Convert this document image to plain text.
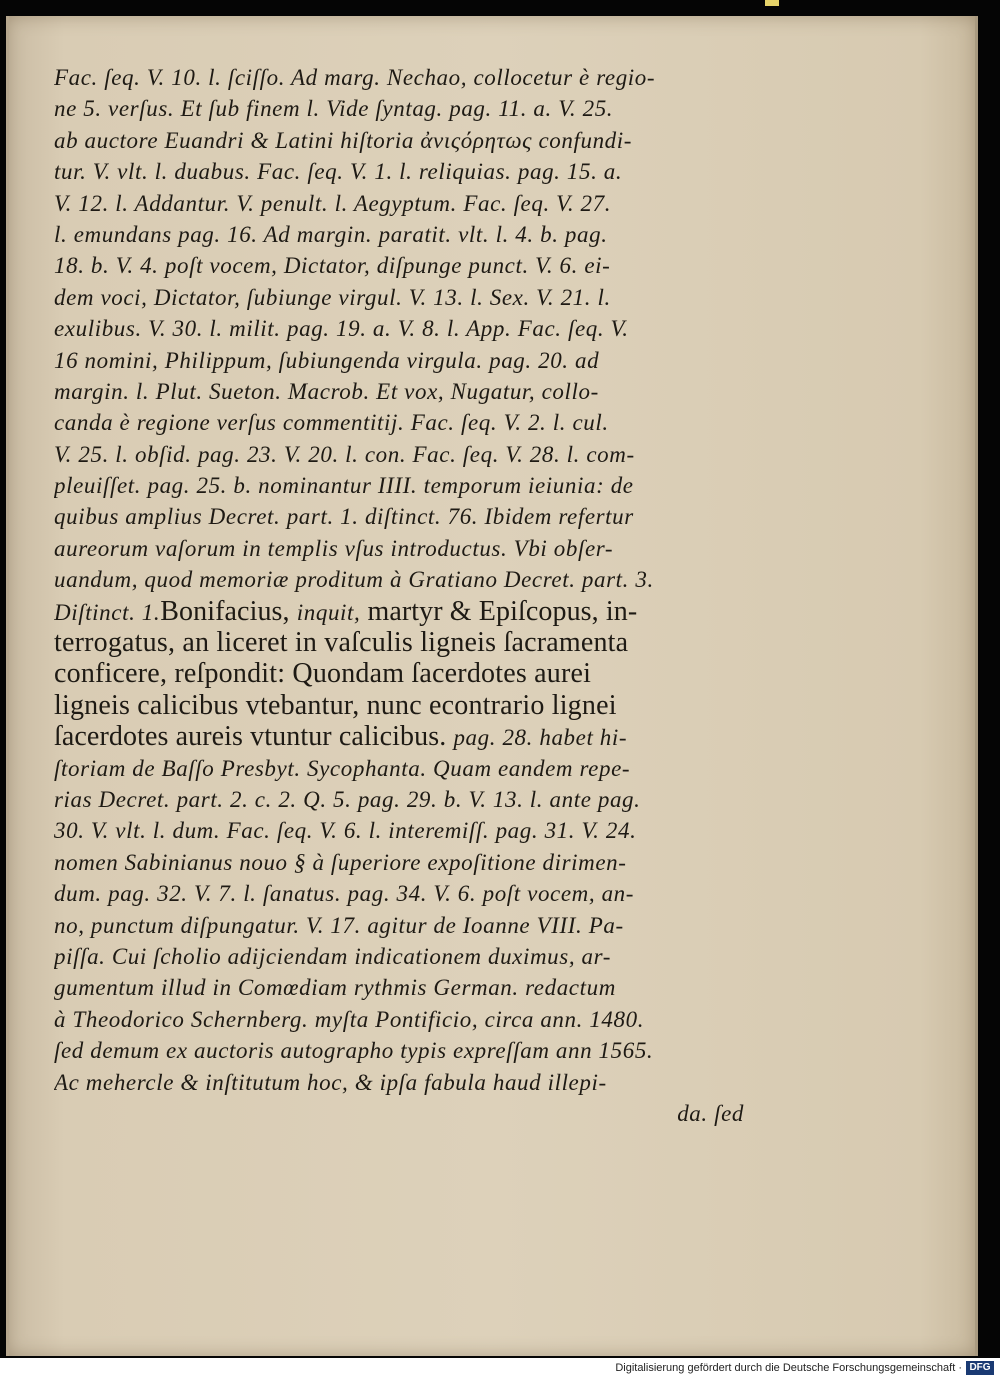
Fac. ſeq. V. 10. l. ſciſſo. Ad marg. Nechao, collocetur è regio-
ne 5. verſus. Et ſub finem l. Vide ſyntag. pag. 11. a. V. 25.
ab auctore Euandri & Latini hiſtoria ἀνιςόρητως confundi-
tur. V. vlt. l. duabus. Fac. ſeq. V. 1. l. reliquias. pag. 15. a.
V. 12. l. Addantur. V. penult. l. Aegyptum. Fac. ſeq. V. 27.
l. emundans pag. 16. Ad margin. paratit. vlt. l. 4. b. pag.
18. b. V. 4. poſt vocem, Dictator, diſpunge punct. V. 6. ei-
dem voci, Dictator, ſubiunge virgul. V. 13. l. Sex. V. 21. l.
exulibus. V. 30. l. milit. pag. 19. a. V. 8. l. App. Fac. ſeq. V.
16 nomini, Philippum, ſubiungenda virgula. pag. 20. ad
margin. l. Plut. Sueton. Macrob. Et vox, Nugatur, collo-
canda è regione verſus commentitij. Fac. ſeq. V. 2. l. cul.
V. 25. l. obſid. pag. 23. V. 20. l. con. Fac. ſeq. V. 28. l. com-
pleuiſſet. pag. 25. b. nominantur IIII. temporum ieiunia: de
quibus amplius Decret. part. 1. diſtinct. 76. Ibidem refertur
aureorum vaſorum in templis vſus introductus. Vbi obſer-
uandum, quod memoriæ proditum à Gratiano Decret. part. 3.
Diſtinct. 1.Bonifacius, inquit, martyr & Epiſcopus, in-
terrogatus, an liceret in vaſculis ligneis ſacramenta
conficere, reſpondit: Quondam ſacerdotes aurei
ligneis calicibus vtebantur, nunc econtrario lignei
ſacerdotes aureis vtuntur calicibus. pag. 28. habet hi-
ſtoriam de Baſſo Presbyt. Sycophanta. Quam eandem repe-
rias Decret. part. 2. c. 2. Q. 5. pag. 29. b. V. 13. l. ante pag.
30. V. vlt. l. dum. Fac. ſeq. V. 6. l. interemiſſ. pag. 31. V. 24.
nomen Sabinianus nouo § à ſuperiore expoſitione dirimen-
dum. pag. 32. V. 7. l. ſanatus. pag. 34. V. 6. poſt vocem, an-
no, punctum diſpungatur. V. 17. agitur de Ioanne VIII. Pa-
piſſa. Cui ſcholio adijciendam indicationem duximus, ar-
gumentum illud in Comœdiam rythmis German. redactum
à Theodorico Schernberg. myſta Pontificio, circa ann. 1480.
ſed demum ex auctoris autographo typis expreſſam ann 1565.
Ac mehercle & inſtitutum hoc, & ipſa fabula haud illepi-
da. ſed
Digitalisierung gefördert durch die Deutsche Forschungsgemeinschaft · DFG
